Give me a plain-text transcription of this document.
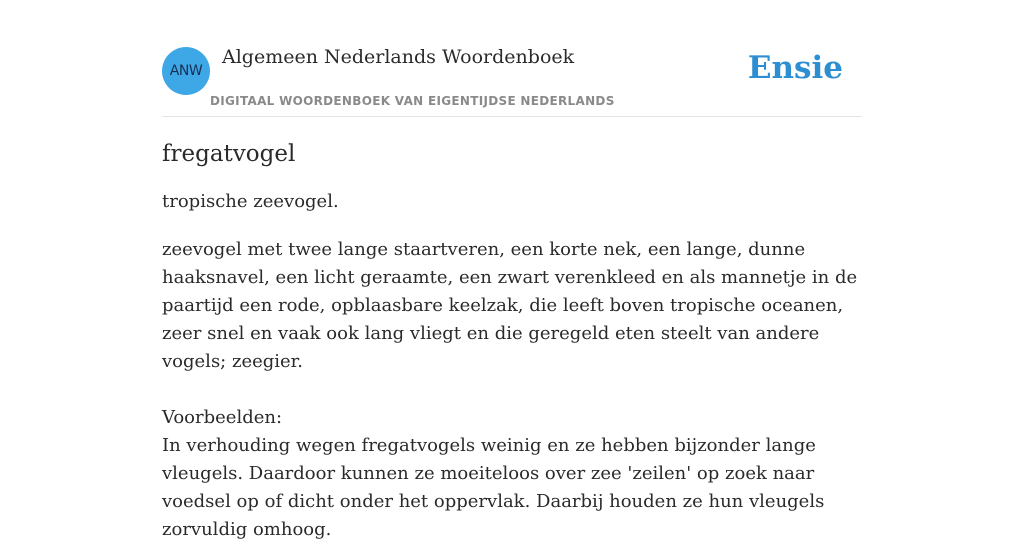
ANW
Algemeen Nederlands Woordenboek
DIGITAAL WOORDENBOEK VAN EIGENTIJDSE NEDERLANDS
Ensie
fregatvogel

tropische zeevogel.

zeevogel met twee lange staartveren, een korte nek, een lange, dunne haaksnavel, een licht geraamte, een zwart verenkleed en als mannetje in de paartijd een rode, opblaasbare keelzak, die leeft boven tropische oceanen, zeer snel en vaak ook lang vliegt en die geregeld eten steelt van andere vogels; zeegier.

Voorbeelden:

In verhouding wegen fregatvogels weinig en ze hebben bijzonder lange vleugels. Daardoor kunnen ze moeiteloos over zee 'zeilen' op zoek naar voedsel op of dicht onder het oppervlak. Daarbij houden ze hun vleugels zorvuldig omhoog.
